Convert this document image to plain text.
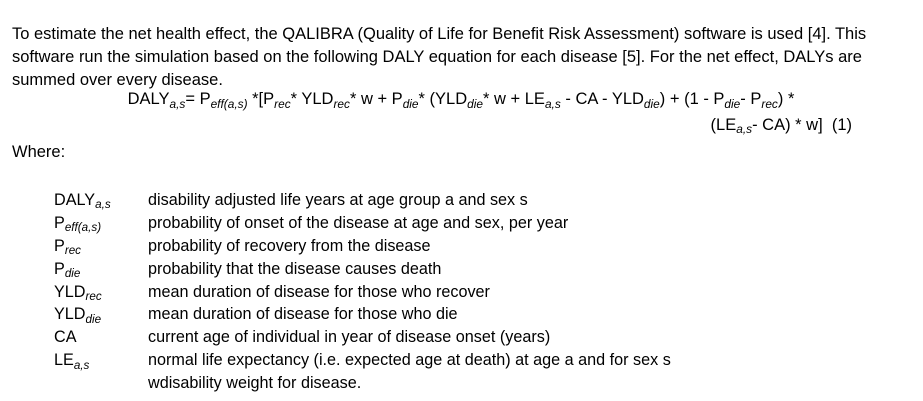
To estimate the net health effect, the QALIBRA (Quality of Life for Benefit Risk Assessment) software is used [4]. This software run the simulation based on the following DALY equation for each disease [5]. For the net effect, DALYs are summed over every disease.

$DALY_{a,s}= P_{eff(a,s)}$ $*[P_{rec}*$ $YLD_{rec}*$ $w + P_{die}*$ ($YLD_{die}*$ $w + LE_{a,s}$ - CA - $YLD_{die}) + (1 - P_{die}-$ $P_{rec}$) *
($LE_{a,s}-$ CA) * w]  (1)
Where:
$DALY_{a,s}$	disability adjusted life years at age group a and sex s
$P_{eff(a,s)}$	probability of onset of the disease at age and sex, per year
$P_{rec}$	probability of recovery from the disease
$P_{die}$	probability that the disease causes death
$YLD_{rec}$	mean duration of disease for those who recover
$YLD_{die}$	mean duration of disease for those who die
CA	current age of individual in year of disease onset (years)
$LE_{a,s}$	normal life expectancy (i.e. expected age at death) at age a and for sex s
	wdisability weight for disease.
